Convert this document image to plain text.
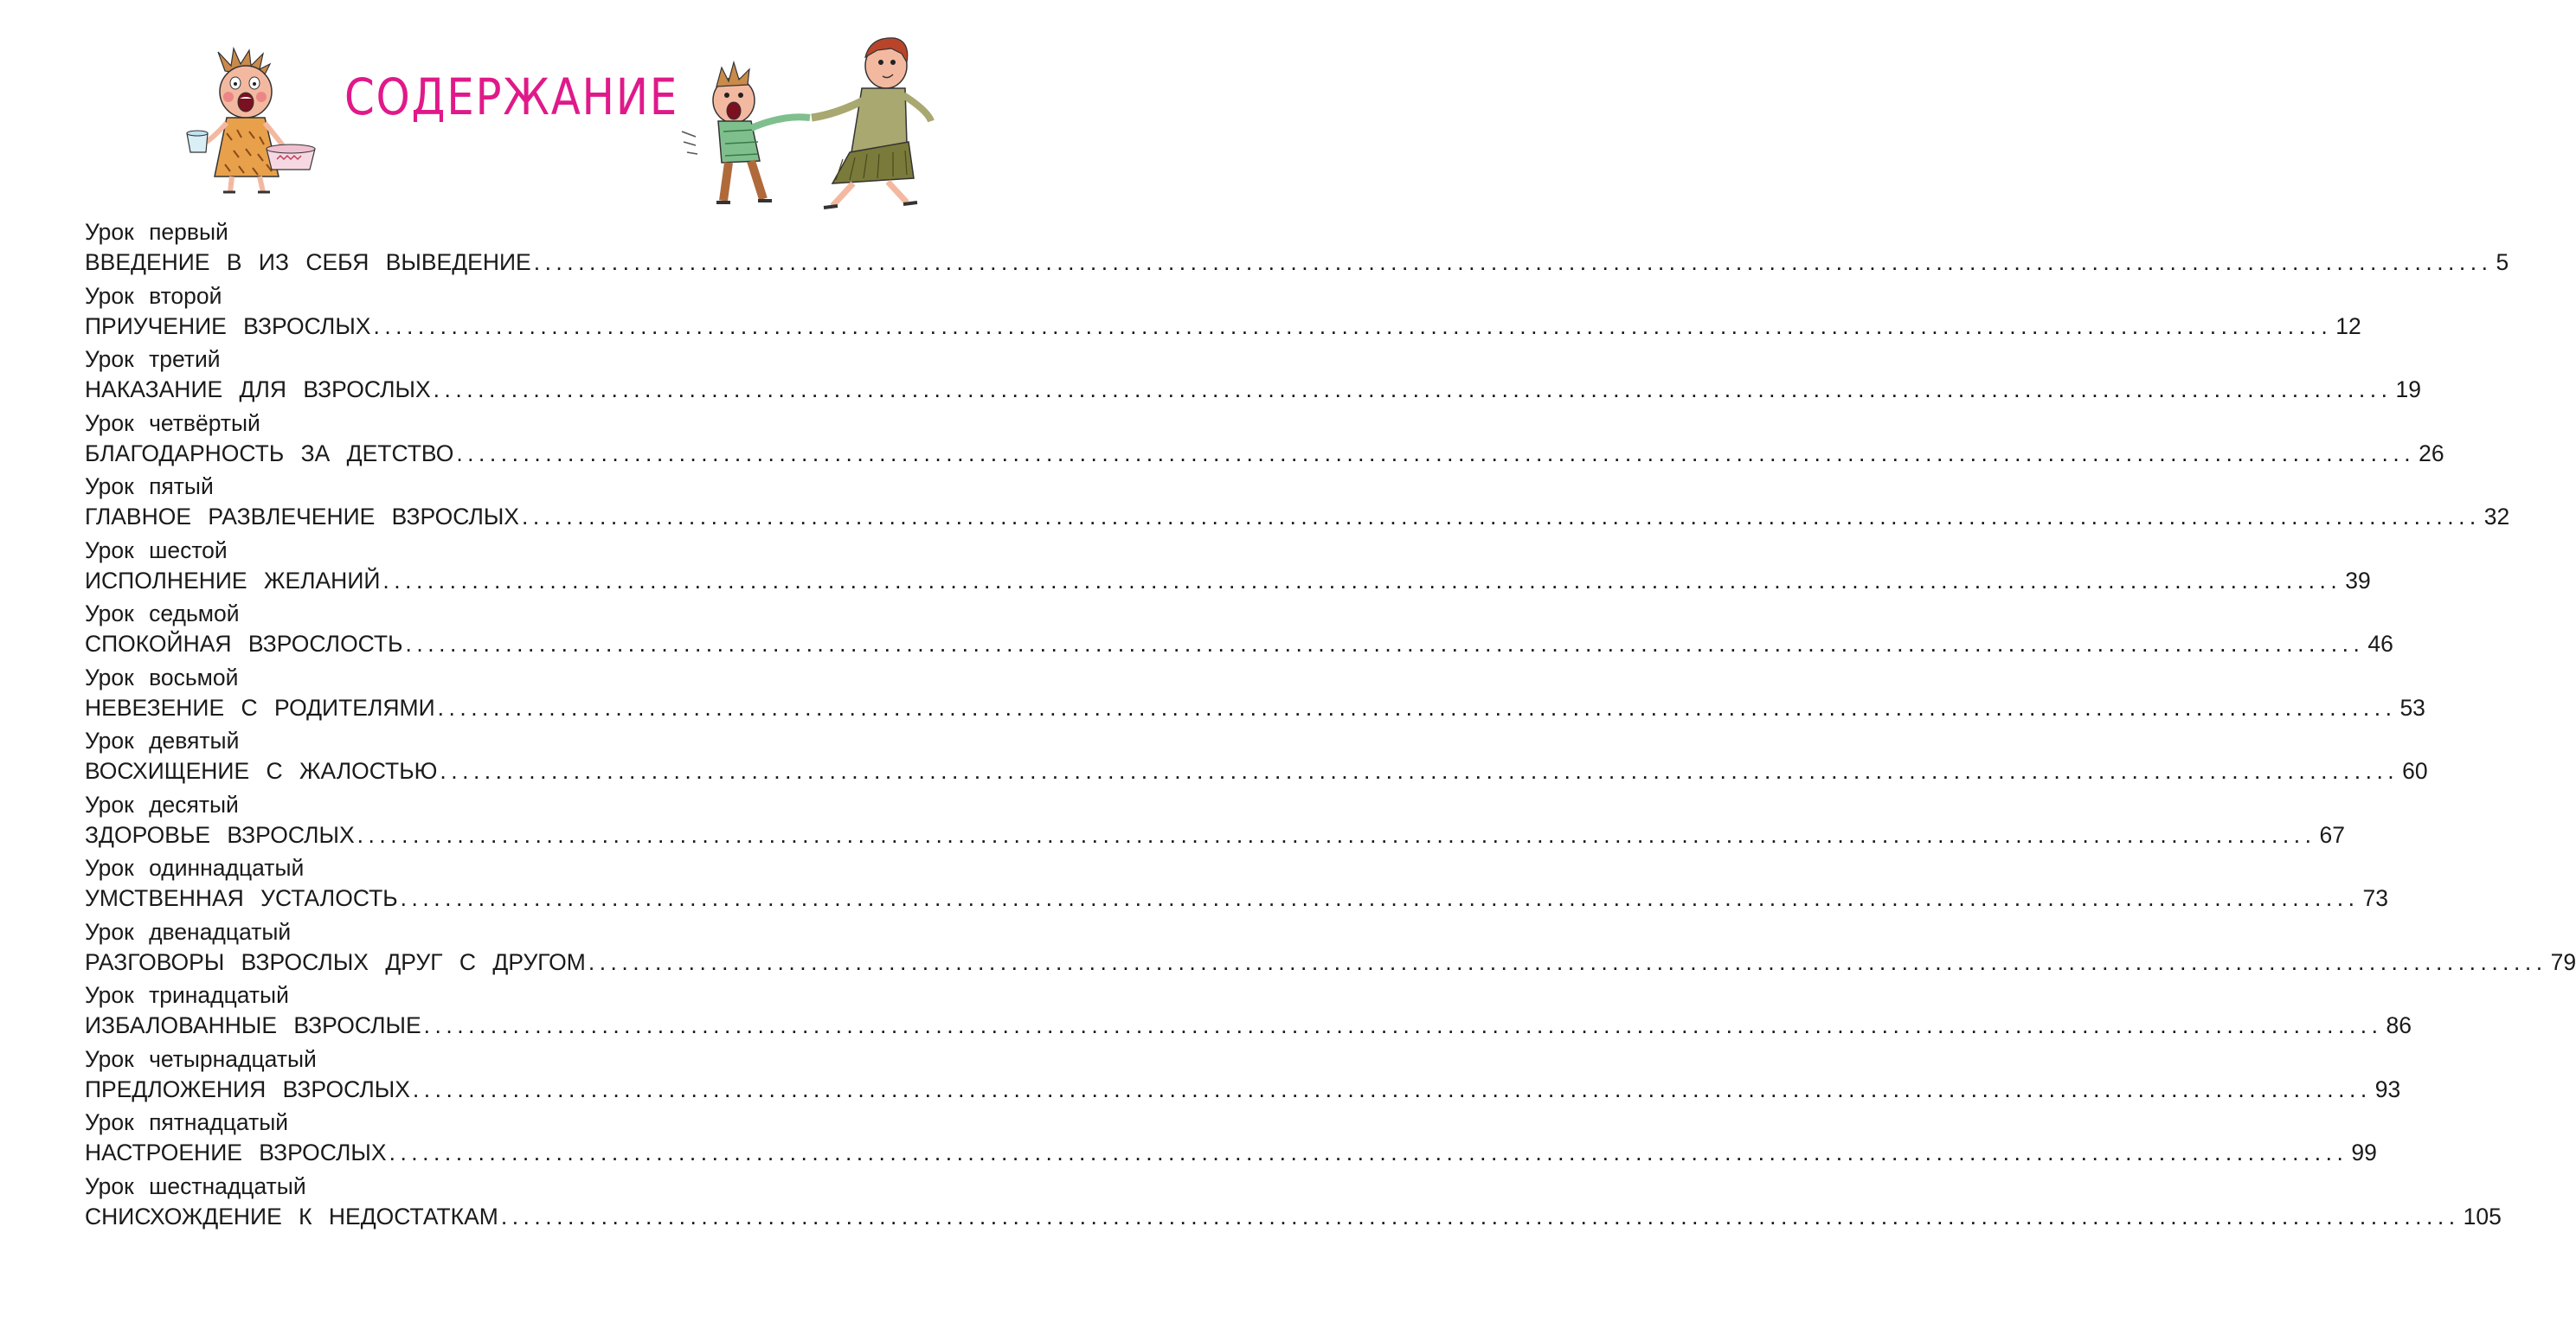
СОДЕРЖАНИЕ
Урок первый
ВВЕДЕНИЕ В ИЗ СЕБЯ ВЫВЕДЕНИЕ ................................................................................................................................................................................ 5
Урок второй
ПРИУЧЕНИЕ ВЗРОСЛЫХ ................................................................................................................................................................................ 12
Урок третий
НАКАЗАНИЕ ДЛЯ ВЗРОСЛЫХ ................................................................................................................................................................................ 19
Урок четвёртый
БЛАГОДАРНОСТЬ ЗА ДЕТСТВО ................................................................................................................................................................................ 26
Урок пятый
ГЛАВНОЕ РАЗВЛЕЧЕНИЕ ВЗРОСЛЫХ ................................................................................................................................................................................ 32
Урок шестой
ИСПОЛНЕНИЕ ЖЕЛАНИЙ ................................................................................................................................................................................ 39
Урок седьмой
СПОКОЙНАЯ ВЗРОСЛОСТЬ ................................................................................................................................................................................ 46
Урок восьмой
НЕВЕЗЕНИЕ С РОДИТЕЛЯМИ ................................................................................................................................................................................ 53
Урок девятый
ВОСХИЩЕНИЕ С ЖАЛОСТЬЮ ................................................................................................................................................................................ 60
Урок десятый
ЗДОРОВЬЕ ВЗРОСЛЫХ ................................................................................................................................................................................ 67
Урок одиннадцатый
УМСТВЕННАЯ УСТАЛОСТЬ ................................................................................................................................................................................ 73
Урок двенадцатый
РАЗГОВОРЫ ВЗРОСЛЫХ ДРУГ С ДРУГОМ ................................................................................................................................................................................ 79
Урок тринадцатый
ИЗБАЛОВАННЫЕ ВЗРОСЛЫЕ ................................................................................................................................................................................ 86
Урок четырнадцатый
ПРЕДЛОЖЕНИЯ ВЗРОСЛЫХ ................................................................................................................................................................................ 93
Урок пятнадцатый
НАСТРОЕНИЕ ВЗРОСЛЫХ ................................................................................................................................................................................ 99
Урок шестнадцатый
СНИСХОЖДЕНИЕ К НЕДОСТАТКАМ ................................................................................................................................................................................ 105
